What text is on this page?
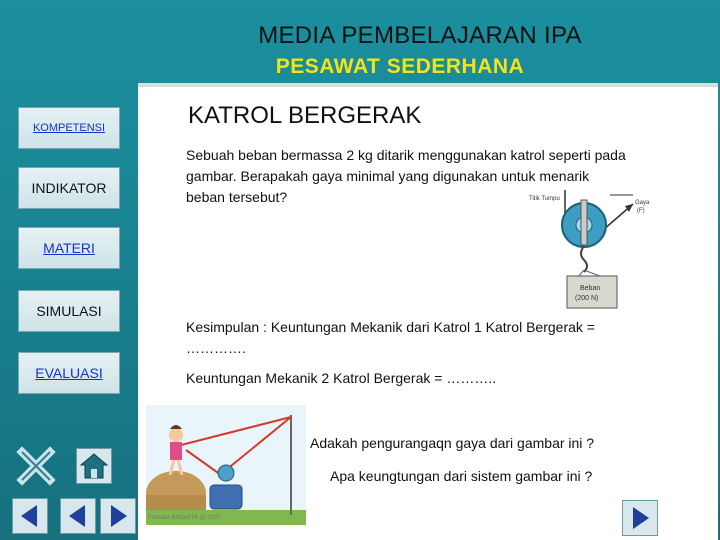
MEDIA PEMBELAJARAN IPA
PESAWAT SEDERHANA
KOMPETENSI
INDIKATOR
MATERI
SIMULASI
EVALUASI
KATROL BERGERAK
Sebuah beban bermassa 2 kg ditarik menggunakan katrol seperti pada gambar. Berapakah gaya minimal yang digunakan untuk menarik beban tersebut?
Kesimpulan : Keuntungan Mekanik dari Katrol 1 Katrol Bergerak = ………….
Keuntungan Mekanik 2 Katrol Bergerak = ………..
Adakah pengurangaqn gaya dari gambar ini ?
Apa keungtungan dari sistem gambar ini ?
Titik Tumpu
Gaya
(F)
Beban
(200 N)
Pustaka Iktisadi Hr @ 2007
